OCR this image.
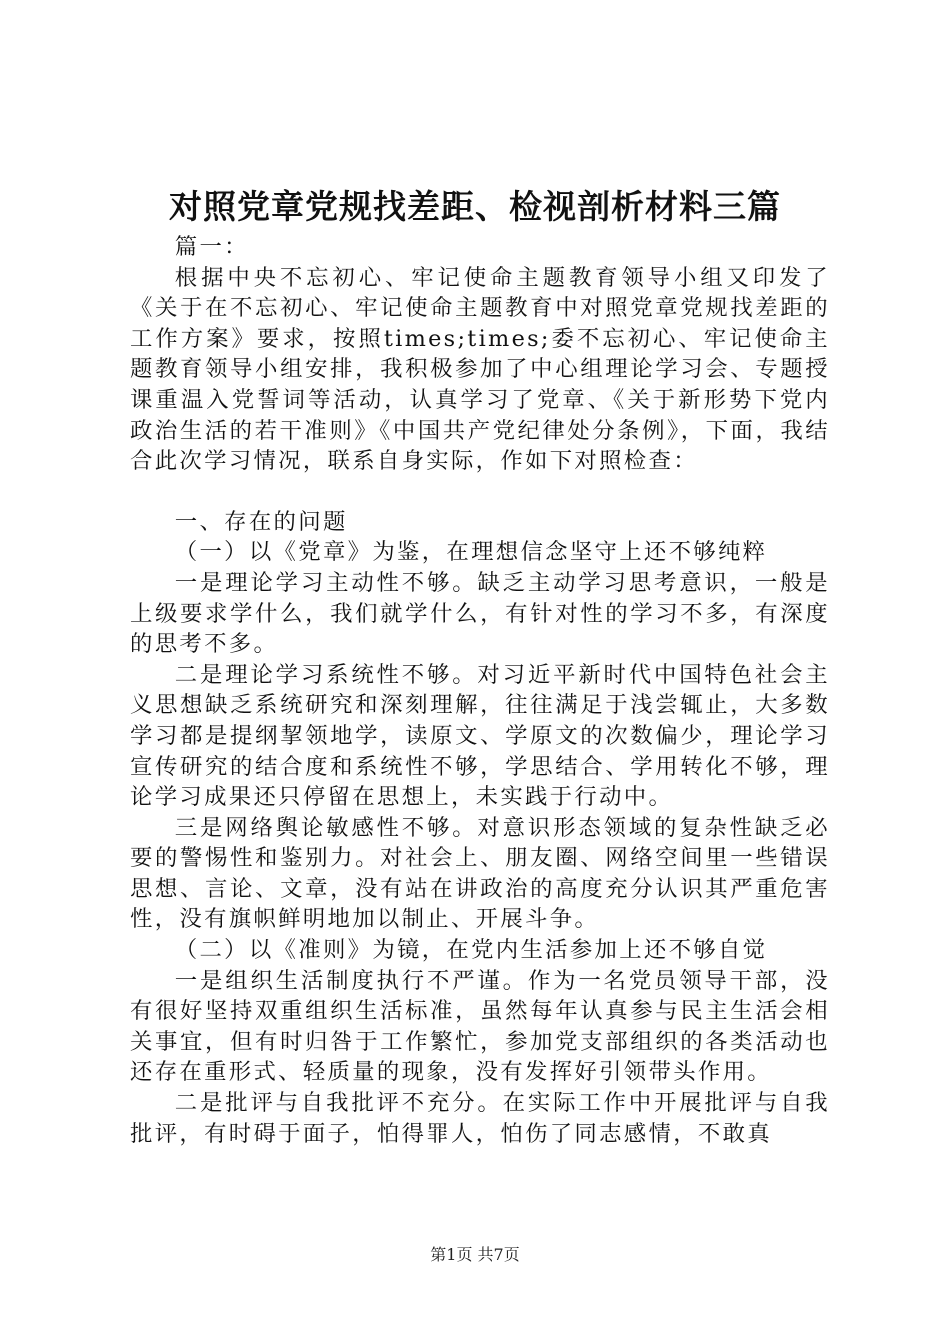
对照党章党规找差距、检视剖析材料三篇

篇一：

根据中央不忘初心、牢记使命主题教育领导小组又印发了《关于在不忘初心、牢记使命主题教育中对照党章党规找差距的工作方案》要求，按照times;times;委不忘初心、牢记使命主题教育领导小组安排，我积极参加了中心组理论学习会、专题授课重温入党誓词等活动，认真学习了党章、《关于新形势下党内政治生活的若干准则》《中国共产党纪律处分条例》，下面，我结合此次学习情况，联系自身实际，作如下对照检查：

一、存在的问题

（一）以《党章》为鉴，在理想信念坚守上还不够纯粹

一是理论学习主动性不够。缺乏主动学习思考意识，一般是上级要求学什么，我们就学什么，有针对性的学习不多，有深度的思考不多。

二是理论学习系统性不够。对习近平新时代中国特色社会主义思想缺乏系统研究和深刻理解，往往满足于浅尝辄止，大多数学习都是提纲挈领地学，读原文、学原文的次数偏少，理论学习宣传研究的结合度和系统性不够，学思结合、学用转化不够，理论学习成果还只停留在思想上，未实践于行动中。

三是网络舆论敏感性不够。对意识形态领域的复杂性缺乏必要的警惕性和鉴别力。对社会上、朋友圈、网络空间里一些错误思想、言论、文章，没有站在讲政治的高度充分认识其严重危害性，没有旗帜鲜明地加以制止、开展斗争。

（二）以《准则》为镜，在党内生活参加上还不够自觉

一是组织生活制度执行不严谨。作为一名党员领导干部，没有很好坚持双重组织生活标准，虽然每年认真参与民主生活会相关事宜，但有时归咎于工作繁忙，参加党支部组织的各类活动也还存在重形式、轻质量的现象，没有发挥好引领带头作用。

二是批评与自我批评不充分。在实际工作中开展批评与自我批评，有时碍于面子，怕得罪人，怕伤了同志感情，不敢真

第1页 共7页
